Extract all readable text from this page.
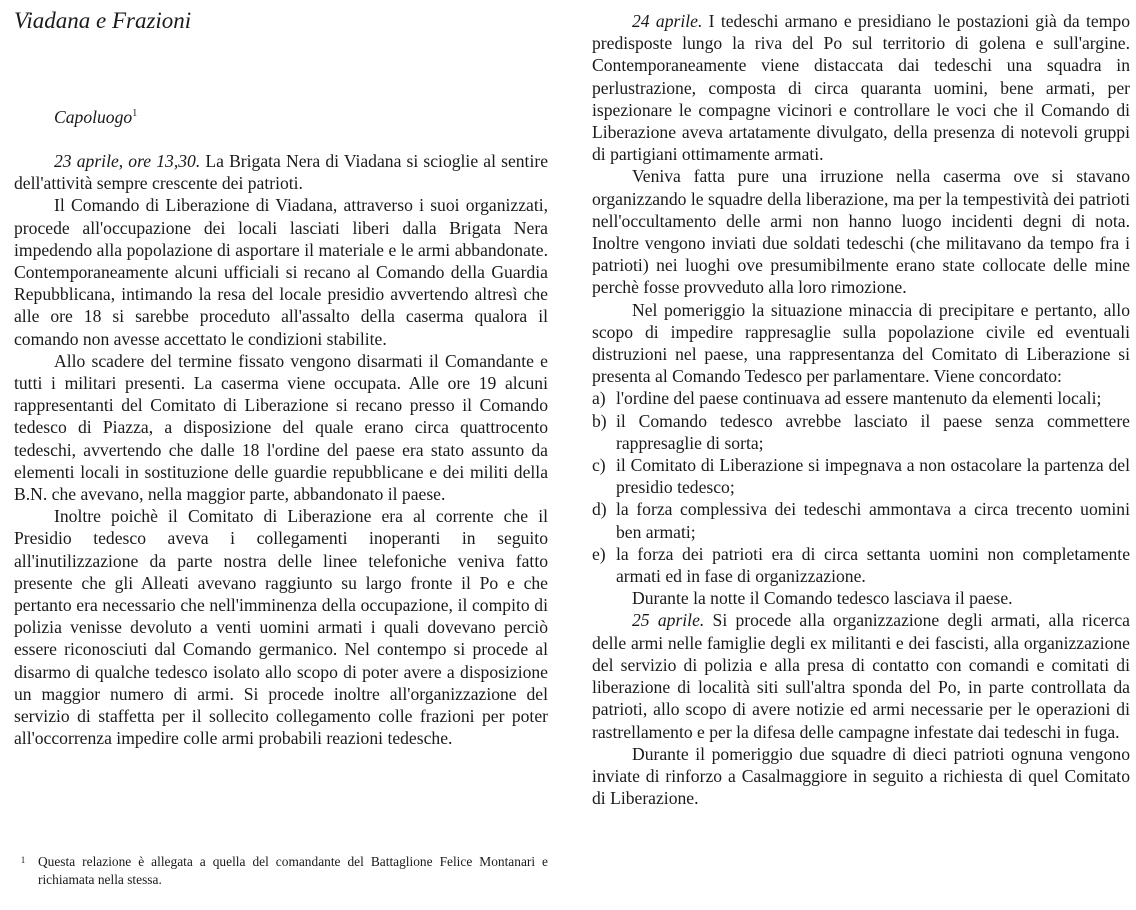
Viadana e Frazioni
Capoluogo$^1$

23 aprile, ore 13,30. La Brigata Nera di Viadana si scioglie al sentire dell'attività sempre crescente dei patrioti.

Il Comando di Liberazione di Viadana, attraverso i suoi organizzati, procede all'occupazione dei locali lasciati liberi dalla Brigata Nera impedendo alla popolazione di asportare il materiale e le armi abbandonate. Contemporaneamente alcuni ufficiali si recano al Comando della Guardia Repubblicana, intimando la resa del locale presidio avvertendo altresì che alle ore 18 si sarebbe proceduto all'assalto della caserma qualora il comando non avesse accettato le condizioni stabilite.

Allo scadere del termine fissato vengono disarmati il Comandante e tutti i militari presenti. La caserma viene occupata. Alle ore 19 alcuni rappresentanti del Comitato di Liberazione si recano presso il Comando tedesco di Piazza, a disposizione del quale erano circa quattrocento tedeschi, avvertendo che dalle 18 l'ordine del paese era stato assunto da elementi locali in sostituzione delle guardie repubblicane e dei militi della B.N. che avevano, nella maggior parte, abbandonato il paese.

Inoltre poichè il Comitato di Liberazione era al corrente che il Presidio tedesco aveva i collegamenti inoperanti in seguito all'inutilizzazione da parte nostra delle linee telefoniche veniva fatto presente che gli Alleati avevano raggiunto su largo fronte il Po e che pertanto era necessario che nell'imminenza della occupazione, il compito di polizia venisse devoluto a venti uomini armati i quali dovevano perciò essere riconosciuti dal Comando germanico. Nel contempo si procede al disarmo di qualche tedesco isolato allo scopo di poter avere a disposizione un maggior numero di armi. Si procede inoltre all'organizzazione del servizio di staffetta per il sollecito collegamento colle frazioni per poter all'occorrenza impedire colle armi probabili reazioni tedesche.

1 Questa relazione è allegata a quella del comandante del Battaglione Felice Montanari e richiamata nella stessa.

24 aprile. I tedeschi armano e presidiano le postazioni già da tempo predisposte lungo la riva del Po sul territorio di golena e sull'argine. Contemporaneamente viene distaccata dai tedeschi una squadra in perlustrazione, composta di circa quaranta uomini, bene armati, per ispezionare le compagne vicinori e controllare le voci che il Comando di Liberazione aveva artatamente divulgato, della presenza di notevoli gruppi di partigiani ottimamente armati.

Veniva fatta pure una irruzione nella caserma ove si stavano organizzando le squadre della liberazione, ma per la tempestività dei patrioti nell'occultamento delle armi non hanno luogo incidenti degni di nota. Inoltre vengono inviati due soldati tedeschi (che militavano da tempo fra i patrioti) nei luoghi ove presumibilmente erano state collocate delle mine perchè fosse provveduto alla loro rimozione.

Nel pomeriggio la situazione minaccia di precipitare e pertanto, allo scopo di impedire rappresaglie sulla popolazione civile ed eventuali distruzioni nel paese, una rappresentanza del Comitato di Liberazione si presenta al Comando Tedesco per parlamentare. Viene concordato:

a) l'ordine del paese continuava ad essere mantenuto da elementi locali;
b) il Comando tedesco avrebbe lasciato il paese senza commettere rappresaglie di sorta;
c) il Comitato di Liberazione si impegnava a non ostacolare la partenza del presidio tedesco;
d) la forza complessiva dei tedeschi ammontava a circa trecento uomini ben armati;
e) la forza dei patrioti era di circa settanta uomini non completamente armati ed in fase di organizzazione.

Durante la notte il Comando tedesco lasciava il paese.

25 aprile. Si procede alla organizzazione degli armati, alla ricerca delle armi nelle famiglie degli ex militanti e dei fascisti, alla organizzazione del servizio di polizia e alla presa di contatto con comandi e comitati di liberazione di località siti sull'altra sponda del Po, in parte controllata da patrioti, allo scopo di avere notizie ed armi necessarie per le operazioni di rastrellamento e per la difesa delle campagne infestate dai tedeschi in fuga.

Durante il pomeriggio due squadre di dieci patrioti ognuna vengono inviate di rinforzo a Casalmaggiore in seguito a richiesta di quel Comitato di Liberazione.
